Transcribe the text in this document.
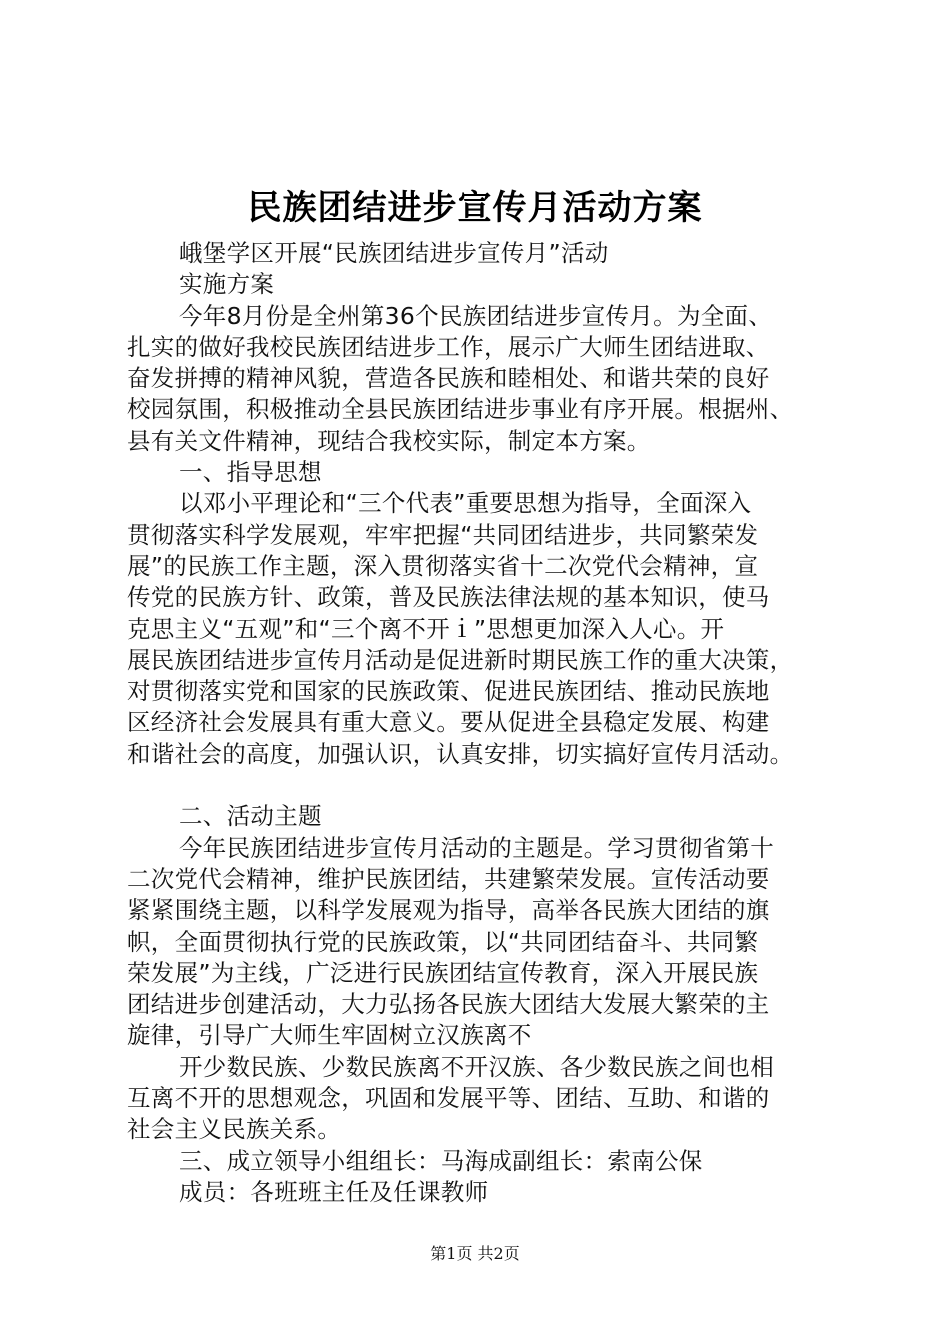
民族团结进步宣传月活动方案
峨堡学区开展“民族团结进步宣传月”活动
实施方案
今年8月份是全州第36个民族团结进步宣传月。为全面、
扎实的做好我校民族团结进步工作，展示广大师生团结进取、
奋发拼搏的精神风貌，营造各民族和睦相处、和谐共荣的良好
校园氛围，积极推动全县民族团结进步事业有序开展。根据州、
县有关文件精神，现结合我校实际，制定本方案。
一、指导思想
以邓小平理论和“三个代表”重要思想为指导，全面深入
贯彻落实科学发展观，牢牢把握“共同团结进步，共同繁荣发
展”的民族工作主题，深入贯彻落实省十二次党代会精神，宣
传党的民族方针、政策，普及民族法律法规的基本知识，使马
克思主义“五观”和“三个离不开ｉ”思想更加深入人心。开
展民族团结进步宣传月活动是促进新时期民族工作的重大决策，
对贯彻落实党和国家的民族政策、促进民族团结、推动民族地
区经济社会发展具有重大意义。要从促进全县稳定发展、构建
和谐社会的高度，加强认识，认真安排，切实搞好宣传月活动。
二、活动主题
今年民族团结进步宣传月活动的主题是。学习贯彻省第十
二次党代会精神，维护民族团结，共建繁荣发展。宣传活动要
紧紧围绕主题，以科学发展观为指导，高举各民族大团结的旗
帜，全面贯彻执行党的民族政策，以“共同团结奋斗、共同繁
荣发展”为主线，广泛进行民族团结宣传教育，深入开展民族
团结进步创建活动，大力弘扬各民族大团结大发展大繁荣的主
旋律，引导广大师生牢固树立汉族离不
开少数民族、少数民族离不开汉族、各少数民族之间也相
互离不开的思想观念，巩固和发展平等、团结、互助、和谐的
社会主义民族关系。
三、成立领导小组组长：马海成副组长：索南公保
成员：各班班主任及任课教师
第1页 共2页
